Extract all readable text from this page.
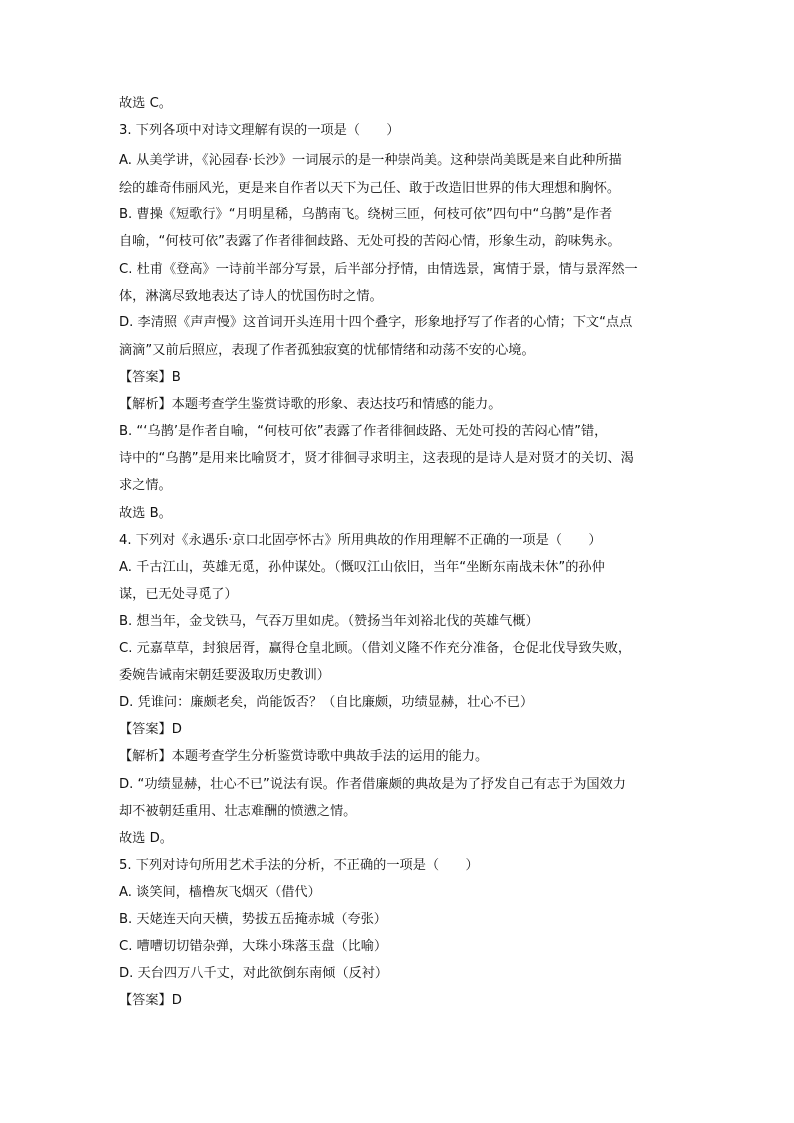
故选 C。
3. 下列各项中对诗文理解有误的一项是（　　）
A. 从美学讲，《沁园春·长沙》一词展示的是一种崇尚美。这种崇尚美既是来自此种所描
绘的雄奇伟丽风光，更是来自作者以天下为己任、敢于改造旧世界的伟大理想和胸怀。
B. 曹操《短歌行》“月明星稀，乌鹊南飞。绕树三匝，何枝可依”四句中“乌鹊”是作者
自喻，“何枝可依”表露了作者徘徊歧路、无处可投的苦闷心情，形象生动，韵味隽永。
C. 杜甫《登高》一诗前半部分写景，后半部分抒情，由情选景，寓情于景，情与景浑然一
体，淋漓尽致地表达了诗人的忧国伤时之情。
D. 李清照《声声慢》这首词开头连用十四个叠字，形象地抒写了作者的心情；下文“点点
滴滴”又前后照应，表现了作者孤独寂寞的忧郁情绪和动荡不安的心境。
【答案】B
【解析】本题考查学生鉴赏诗歌的形象、表达技巧和情感的能力。
B. “‘乌鹊’是作者自喻，“何枝可依”表露了作者徘徊歧路、无处可投的苦闷心情”错，
诗中的“乌鹊”是用来比喻贤才，贤才徘徊寻求明主，这表现的是诗人是对贤才的关切、渴
求之情。
故选 B。
4. 下列对《永遇乐·京口北固亭怀古》所用典故的作用理解不正确的一项是（　　）
A. 千古江山，英雄无觅，孙仲谋处。（慨叹江山依旧，当年“坐断东南战未休”的孙仲
谋，已无处寻觅了）
B. 想当年，金戈铁马，气吞万里如虎。（赞扬当年刘裕北伐的英雄气概）
C. 元嘉草草，封狼居胥，赢得仓皇北顾。（借刘义隆不作充分准备，仓促北伐导致失败，
委婉告诫南宋朝廷要汲取历史教训）
D. 凭谁问：廉颇老矣，尚能饭否？（自比廉颇，功绩显赫，壮心不已）
【答案】D
【解析】本题考查学生分析鉴赏诗歌中典故手法的运用的能力。
D. “功绩显赫，壮心不已”说法有误。作者借廉颇的典故是为了抒发自己有志于为国效力
却不被朝廷重用、壮志难酬的愤懑之情。
故选 D。
5. 下列对诗句所用艺术手法的分析，不正确的一项是（　　）
A. 谈笑间，樯橹灰飞烟灭（借代）
B. 天姥连天向天横，势拔五岳掩赤城（夸张）
C. 嘈嘈切切错杂弹，大珠小珠落玉盘（比喻）
D. 天台四万八千丈，对此欲倒东南倾（反衬）
【答案】D
